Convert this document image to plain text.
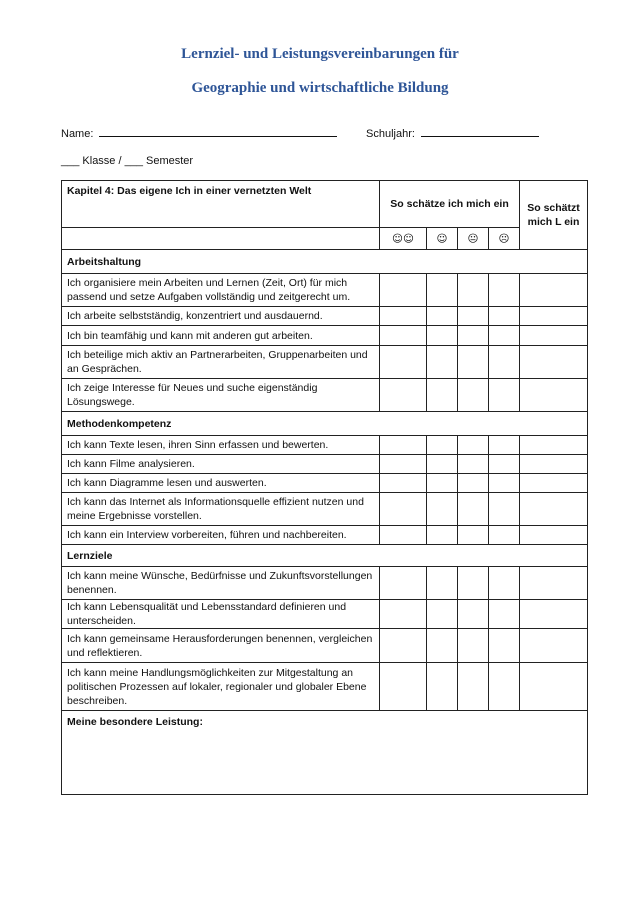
Lernziel- und Leistungsvereinbarungen für
Geographie und wirtschaftliche Bildung
Name:	Schuljahr:
___ Klasse / ___ Semester
Kapitel 4: Das eigene Ich in einer vernetzten Welt	So schätze ich mich ein				So schätzt mich L ein
	☺☺	☺	😐	☹	
Arbeitshaltung					
Ich organisiere mein Arbeiten und Lernen (Zeit, Ort) für mich passend und setze Aufgaben vollständig und zeitgerecht um.					
Ich arbeite selbstständig, konzentriert und ausdauernd.					
Ich bin teamfähig und kann mit anderen gut arbeiten.					
Ich beteilige mich aktiv an Partnerarbeiten, Gruppenarbeiten und an Gesprächen.					
Ich zeige Interesse für Neues und suche eigenständig Lösungswege.					
Methodenkompetenz					
Ich kann Texte lesen, ihren Sinn erfassen und bewerten.					
Ich kann Filme analysieren.					
Ich kann Diagramme lesen und auswerten.					
Ich kann das Internet als Informationsquelle effizient nutzen und meine Ergebnisse vorstellen.					
Ich kann ein Interview vorbereiten, führen und nachbereiten.					
Lernziele					
Ich kann meine Wünsche, Bedürfnisse und Zukunftsvorstellungen benennen.					
Ich kann Lebensqualität und Lebensstandard definieren und unterscheiden.					
Ich kann gemeinsame Herausforderungen benennen, vergleichen und reflektieren.					
Ich kann meine Handlungsmöglichkeiten zur Mitgestaltung an politischen Prozessen auf lokaler, regionaler und globaler Ebene beschreiben.					
Meine besondere Leistung:					
